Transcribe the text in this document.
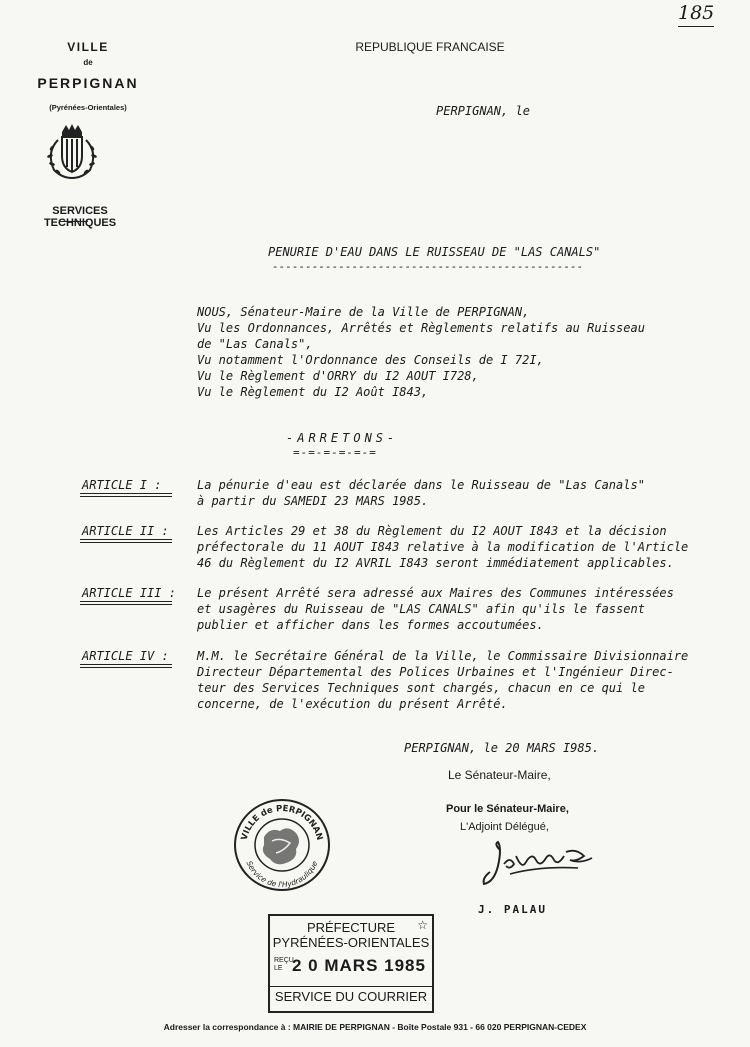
185
VILLE
de
PERPIGNAN
(Pyrénées-Orientales)
SERVICES TECHNIQUES
REPUBLIQUE FRANCAISE
PERPIGNAN, le
PENURIE D'EAU DANS LE RUISSEAU DE "LAS CANALS"
-----------------------------------------------
NOUS, Sénateur-Maire de la Ville de PERPIGNAN,
Vu les Ordonnances, Arrêtés et Règlements relatifs au Ruisseau
de "Las Canals",
Vu notamment l'Ordonnance des Conseils de I 72I,
Vu le Règlement d'ORRY du I2 AOUT I728,
Vu le Règlement du I2 Août I843,
-ARRETONS-
=-=-=-=-=-=
ARTICLE I :	La pénurie d'eau est déclarée dans le Ruisseau de "Las Canals"
à partir du SAMEDI 23 MARS 1985.
ARTICLE II : Les Articles 29 et 38 du Règlement du I2 AOUT I843 et la décision
préfectorale du 11 AOUT I843 relative à la modification de l'Article
46 du Règlement du I2 AVRIL I843 seront immédiatement applicables.
ARTICLE III : Le présent Arrêté sera adressé aux Maires des Communes intéressées
et usagères du Ruisseau de "LAS CANALS" afin qu'ils le fassent
publier et afficher dans les formes accoutumées.
ARTICLE IV : M.M. le Secrétaire Général de la Ville, le Commissaire Divisionnaire
Directeur Départemental des Polices Urbaines et l'Ingénieur Direc-
teur des Services Techniques sont chargés, chacun en ce qui le
concerne, de l'exécution du présent Arrêté.
PERPIGNAN, le 20 MARS I985.
Le Sénateur-Maire,
Pour le Sénateur-Maire,
L'Adjoint Délégué,
J. PALAU
VILLE de PERPIGNAN
Service de l'Hydraulique
PRÉFECTURE	☆
PYRÉNÉES-ORIENTALES
REÇU LE 2 0 MARS 1985
SERVICE DU COURRIER
Adresser la correspondance à : MAIRIE DE PERPIGNAN - Boîte Postale 931 - 66 020 PERPIGNAN-CEDEX
